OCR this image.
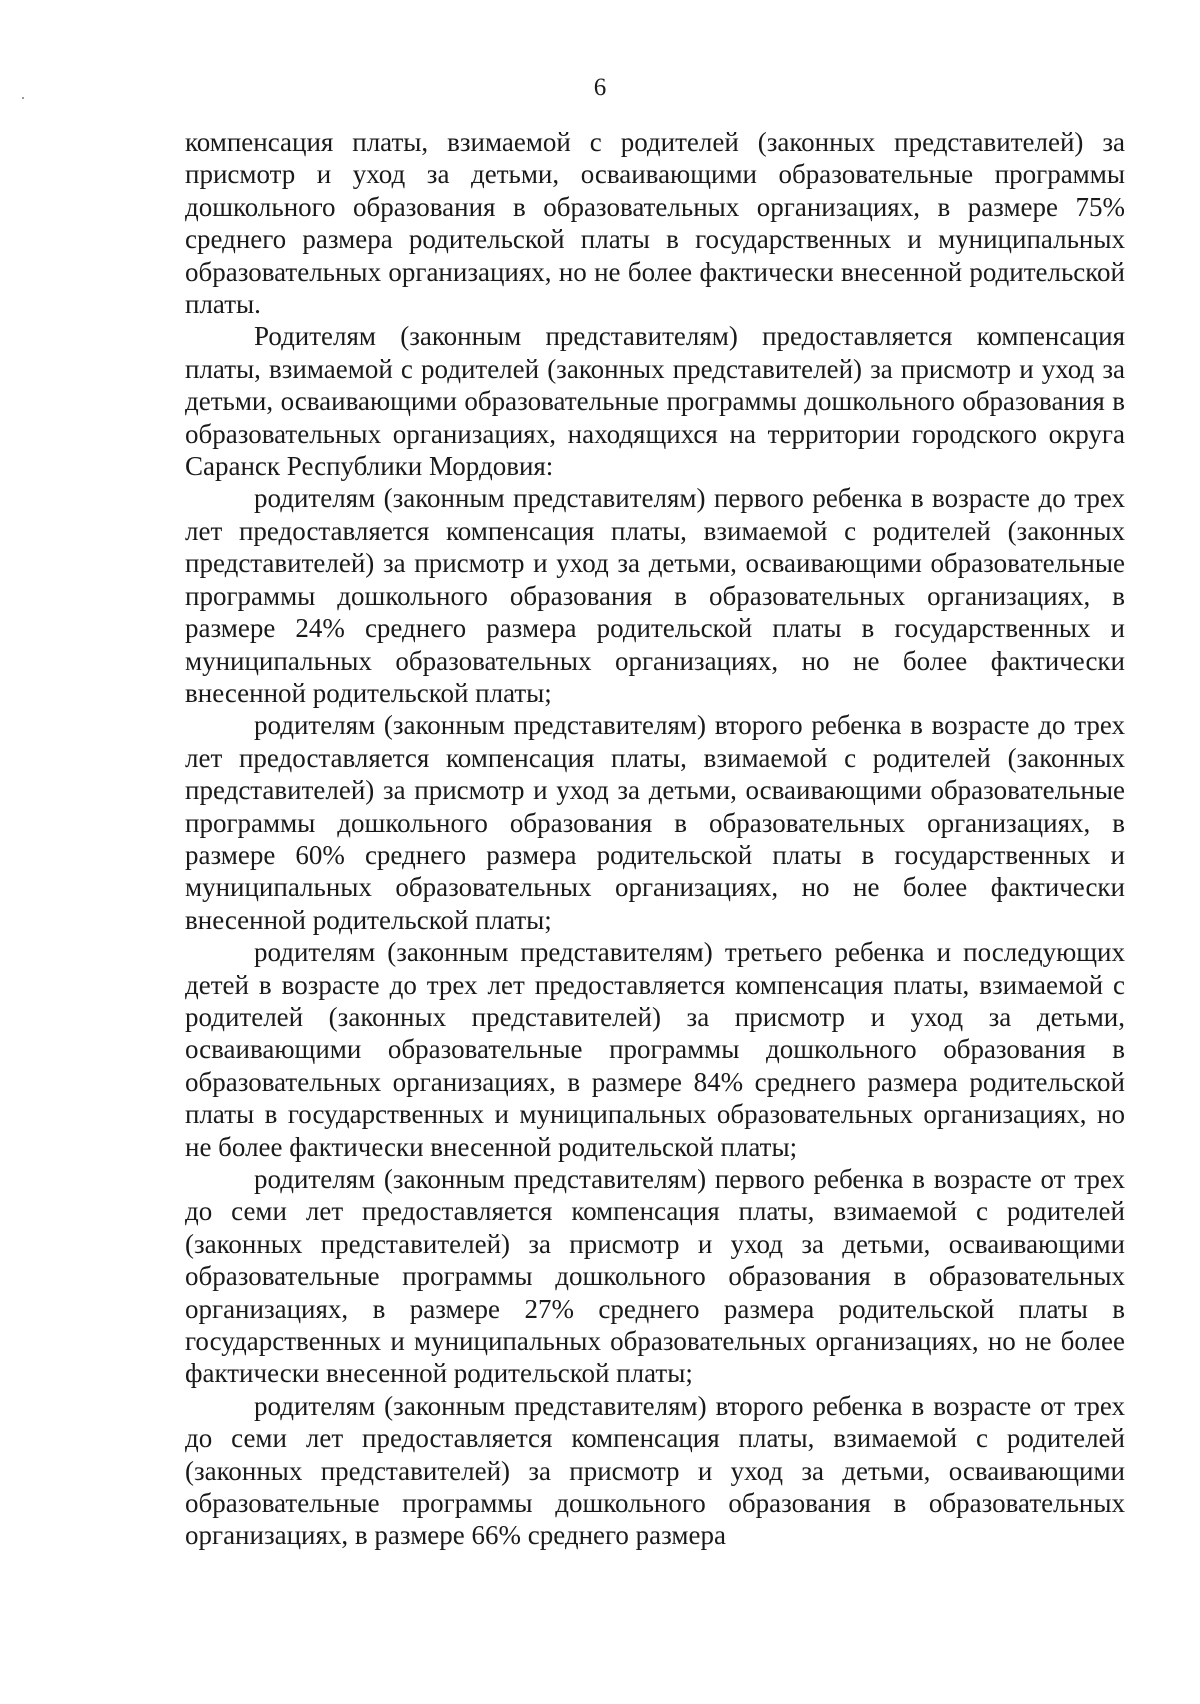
6

компенсация платы, взимаемой с родителей (законных представителей) за присмотр и уход за детьми, осваивающими образовательные программы дошкольного образования в образовательных организациях, в размере 75% среднего размера родительской платы в государственных и муниципальных образовательных организациях, но не более фактически внесенной родительской платы.

Родителям (законным представителям) предоставляется компенсация платы, взимаемой с родителей (законных представителей) за присмотр и уход за детьми, осваивающими образовательные программы дошкольного образования в образовательных организациях, находящихся на территории городского округа Саранск Республики Мордовия:

родителям (законным представителям) первого ребенка в возрасте до трех лет предоставляется компенсация платы, взимаемой с родителей (законных представителей) за присмотр и уход за детьми, осваивающими образовательные программы дошкольного образования в образовательных организациях, в размере 24% среднего размера родительской платы в государственных и муниципальных образовательных организациях, но не более фактически внесенной родительской платы;

родителям (законным представителям) второго ребенка в возрасте до трех лет предоставляется компенсация платы, взимаемой с родителей (законных представителей) за присмотр и уход за детьми, осваивающими образовательные программы дошкольного образования в образовательных организациях, в размере 60% среднего размера родительской платы в государственных и муниципальных образовательных организациях, но не более фактически внесенной родительской платы;

родителям (законным представителям) третьего ребенка и последующих детей в возрасте до трех лет предоставляется компенсация платы, взимаемой с родителей (законных представителей) за присмотр и уход за детьми, осваивающими образовательные программы дошкольного образования в образовательных организациях, в размере 84% среднего размера родительской платы в государственных и муниципальных образовательных организациях, но не более фактически внесенной родительской платы;

родителям (законным представителям) первого ребенка в возрасте от трех до семи лет предоставляется компенсация платы, взимаемой с родителей (законных представителей) за присмотр и уход за детьми, осваивающими образовательные программы дошкольного образования в образовательных организациях, в размере 27% среднего размера родительской платы в государственных и муниципальных образовательных организациях, но не более фактически внесенной родительской платы;

родителям (законным представителям) второго ребенка в возрасте от трех до семи лет предоставляется компенсация платы, взимаемой с родителей (законных представителей) за присмотр и уход за детьми, осваивающими образовательные программы дошкольного образования в образовательных организациях, в размере 66% среднего размера
